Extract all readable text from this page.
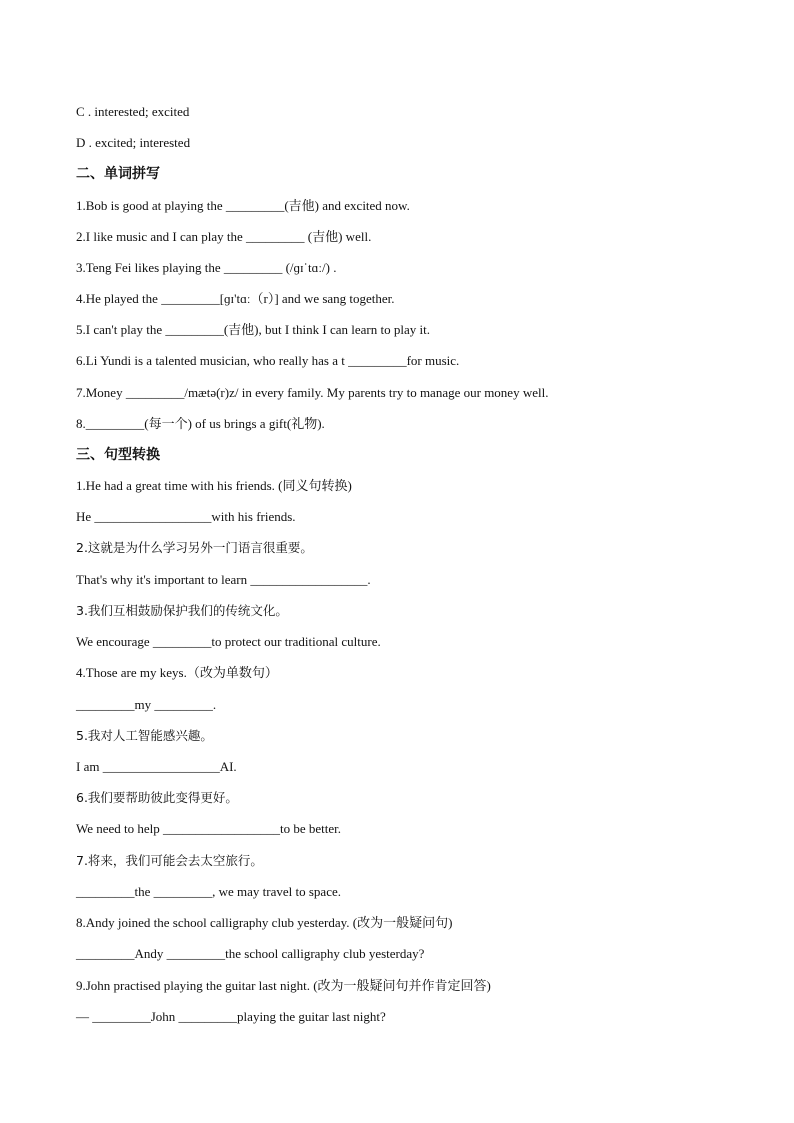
C . interested; excited
D . excited; interested
二、单词拼写
1.Bob is good at playing the _________(吉他) and excited now.
2.I like music and I can play the _________ (吉他) well.
3.Teng Fei likes playing the _________ (/ɡɪˈtɑː/) .
4.He played the _________[ɡɪ'tɑː（r）] and we sang together.
5.I can't play the _________(吉他), but I think I can learn to play it.
6.Li Yundi is a talented musician, who really has a t _________for music.
7.Money _________/mætə(r)z/ in every family. My parents try to manage our money well.
8._________(每一个) of us brings a gift(礼物).
三、句型转换
1.He had a great time with his friends. (同义句转换)
He __________________with his friends.
2.这就是为什么学习另外一门语言很重要。
That's why it's important to learn __________________.
3.我们互相鼓励保护我们的传统文化。
We encourage _________to protect our traditional culture.
4.Those are my keys.（改为单数句）
_________my _________.
5.我对人工智能感兴趣。
I am __________________AI.
6.我们要帮助彼此变得更好。
We need to help __________________to be better.
7.将来，我们可能会去太空旅行。
_________the _________, we may travel to space.
8.Andy joined the school calligraphy club yesterday. (改为一般疑问句)
_________Andy _________the school calligraphy club yesterday?
9.John practised playing the guitar last night. (改为一般疑问句并作肯定回答)
— _________John _________playing the guitar last night?
